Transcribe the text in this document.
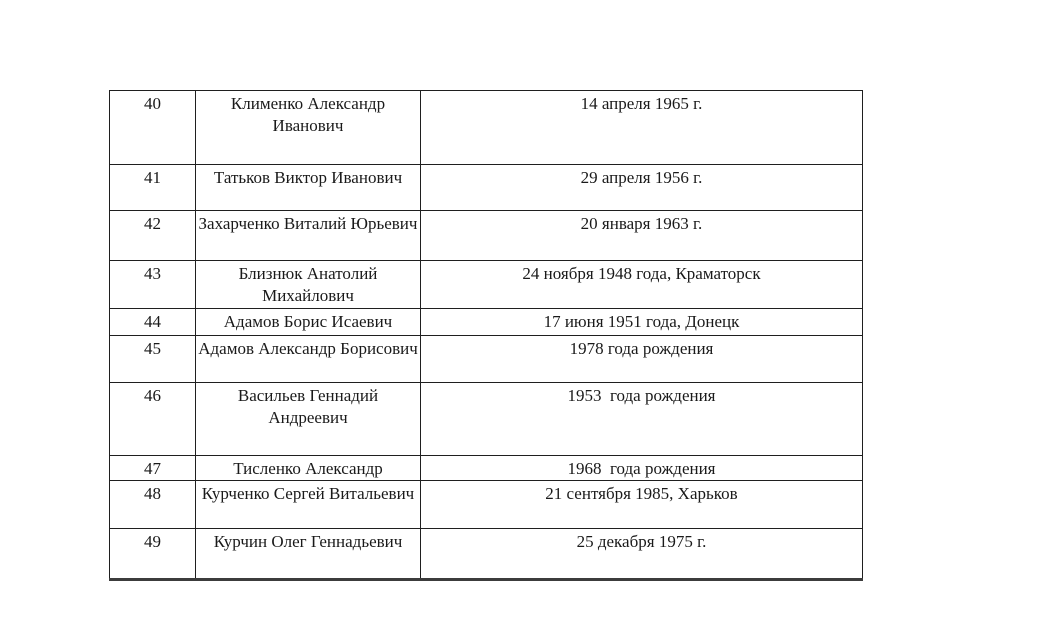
40	Клименко Александр Иванович	14 апреля 1965 г.
41	Татьков Виктор Иванович	29 апреля 1956 г.
42	Захарченко Виталий Юрьевич	20 января 1963 г.
43	Близнюк Анатолий Михайлович	24 ноября 1948 года, Краматорск
44	Адамов Борис Исаевич	17 июня 1951 года, Донецк
45	Адамов Александр Борисович	1978 года рождения
46	Васильев Геннадий Андреевич	1953  года рождения
47	Тисленко Александр	1968  года рождения
48	Курченко Сергей Витальевич	21 сентября 1985, Харьков
49	Курчин Олег Геннадьевич	25 декабря 1975 г.
